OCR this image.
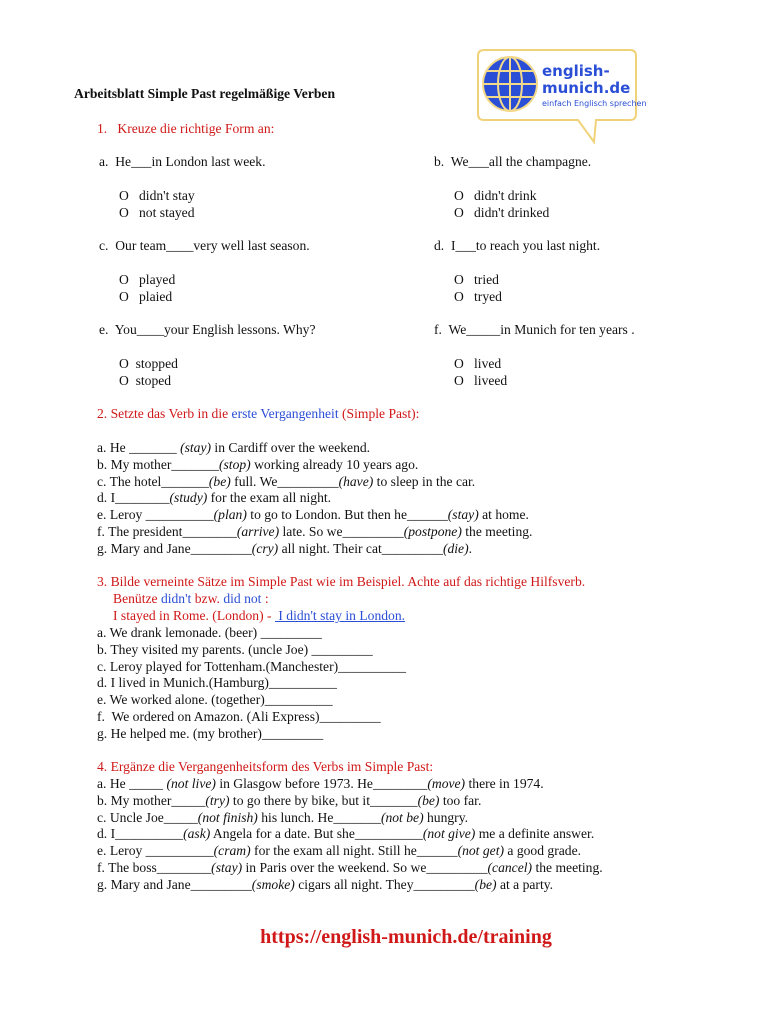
english-
munich.de
einfach Englisch sprechen
Arbeitsblatt Simple Past regelmäßige Verben
1.   Kreuze die richtige Form an:
a.  He___in London last week.
O   didn't stay
O   not stayed
b.  We___all the champagne.
O   didn't drink
O   didn't drinked
c.  Our team____very well last season.
O   played
O   plaied
d.  I___to reach you last night.
O   tried
O   tryed
e.  You____your English lessons. Why?
O  stopped
O  stoped
f.  We_____in Munich for ten years .
O   lived
O   liveed
2. Setzte das Verb in die erste Vergangenheit (Simple Past):
a. He _______ (stay) in Cardiff over the weekend.
b. My mother_______(stop) working already 10 years ago.
c. The hotel_______(be) full. We_________(have) to sleep in the car.
d. I________(study) for the exam all night.
e. Leroy __________(plan) to go to London. But then he______(stay) at home.
f. The president________(arrive) late. So we_________(postpone) the meeting.
g. Mary and Jane_________(cry) all night. Their cat_________(die).
3. Bilde verneinte Sätze im Simple Past wie im Beispiel. Achte auf das richtige Hilfsverb.
Benütze didn't bzw. did not :
I stayed in Rome. (London) -  I didn't stay in London.
a. We drank lemonade. (beer) _________
b. They visited my parents. (uncle Joe) _________
c. Leroy played for Tottenham.(Manchester)__________
d. I lived in Munich.(Hamburg)__________
e. We worked alone. (together)__________
f.  We ordered on Amazon. (Ali Express)_________
g. He helped me. (my brother)_________
4. Ergänze die Vergangenheitsform des Verbs im Simple Past:
a. He _____ (not live) in Glasgow before 1973. He________(move) there in 1974.
b. My mother_____(try) to go there by bike, but it_______(be) too far.
c. Uncle Joe_____(not finish) his lunch. He_______(not be) hungry.
d. I__________(ask) Angela for a date. But she__________(not give) me a definite answer.
e. Leroy __________(cram) for the exam all night. Still he______(not get) a good grade.
f. The boss________(stay) in Paris over the weekend. So we_________(cancel) the meeting.
g. Mary and Jane_________(smoke) cigars all night. They_________(be) at a party.
https://english-munich.de/training
